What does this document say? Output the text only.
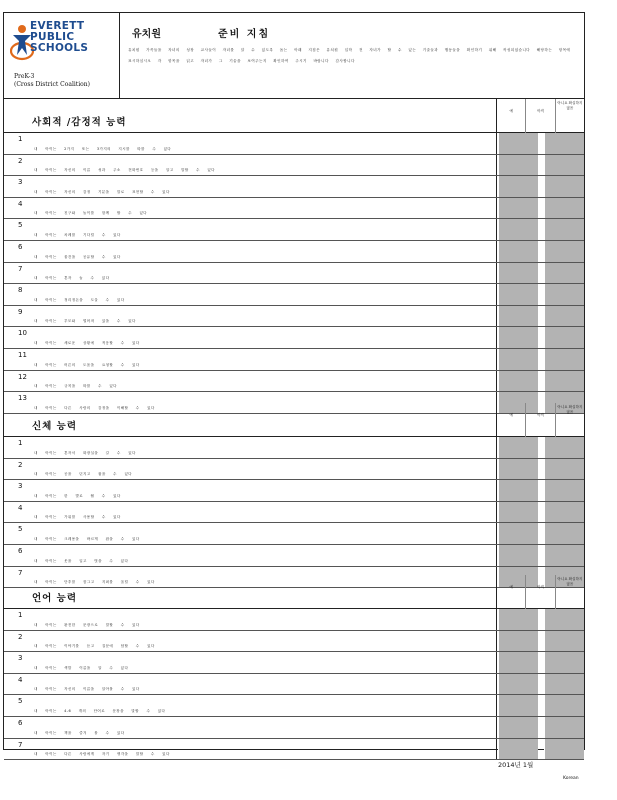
EVERETT
PUBLIC
SCHOOLS
PreK-3
(Cross District Coalition)
유치원	준비 지침
유치원 가족들을 자녀의 성장 교사들이 자녀를 알 수 있도록 돕는 아래 지침은 유치원 입학 전 자녀가 할 수 있는 기술들과 행동들을 확인하기 위해 작성되었습니다 해당하는 항목에 표시하십시오 각 항목을 읽고 자녀가 그 기술을 보여주는지 확인하여 주시기 바랍니다 감사합니다
사회적 /감정적 능력
예	아직
아니요 확실하지 않음
1
내 아이는 2가지 또는 3가지의 지시를 따를 수 있다
2
내 아이는 자신의 이름 성과 주소 전화번호 등을 알고 말할 수 있다
3
내 아이는 자신의 감정 기분을 말로 표현할 수 있다
4
내 아이는 친구와 놀이를 함께 할 수 있다
5
내 아이는 차례를 기다릴 수 있다
6
내 아이는 물건을 공유할 수 있다
7
내 아이는 혼자 놀 수 있다
8
내 아이는 정리정돈을 도울 수 있다
9
내 아이는 부모와 떨어져 있을 수 있다
10
내 아이는 새로운 상황에 적응할 수 있다
11
내 아이는 어른의 도움을 요청할 수 있다
12
내 아이는 규칙을 따를 수 있다
13
내 아이는 다른 사람의 감정을 이해할 수 있다
신체 능력
예	아직
아니요 확실하지 않음
1
내 아이는 혼자서 화장실을 갈 수 있다
2
내 아이는 공을 던지고 잡을 수 있다
3
내 아이는 한 발로 뛸 수 있다
4
내 아이는 가위를 사용할 수 있다
5
내 아이는 크레용을 바르게 잡을 수 있다
6
내 아이는 옷을 입고 벗을 수 있다
7
내 아이는 단추를 잠그고 지퍼를 올릴 수 있다
언어 능력
예	아직
아니요 확실하지 않음
1
내 아이는 완전한 문장으로 말할 수 있다
2
내 아이는 이야기를 듣고 질문에 답할 수 있다
3
내 아이는 색깔 이름을 알 수 있다
4
내 아이는 자신의 이름을 알아볼 수 있다
5
내 아이는 4-6 개의 단어로 문장을 말할 수 있다
6
내 아이는 책을 즐겨 볼 수 있다
7
내 아이는 다른 사람에게 자기 생각을 말할 수 있다
2014년 1월
Korean
